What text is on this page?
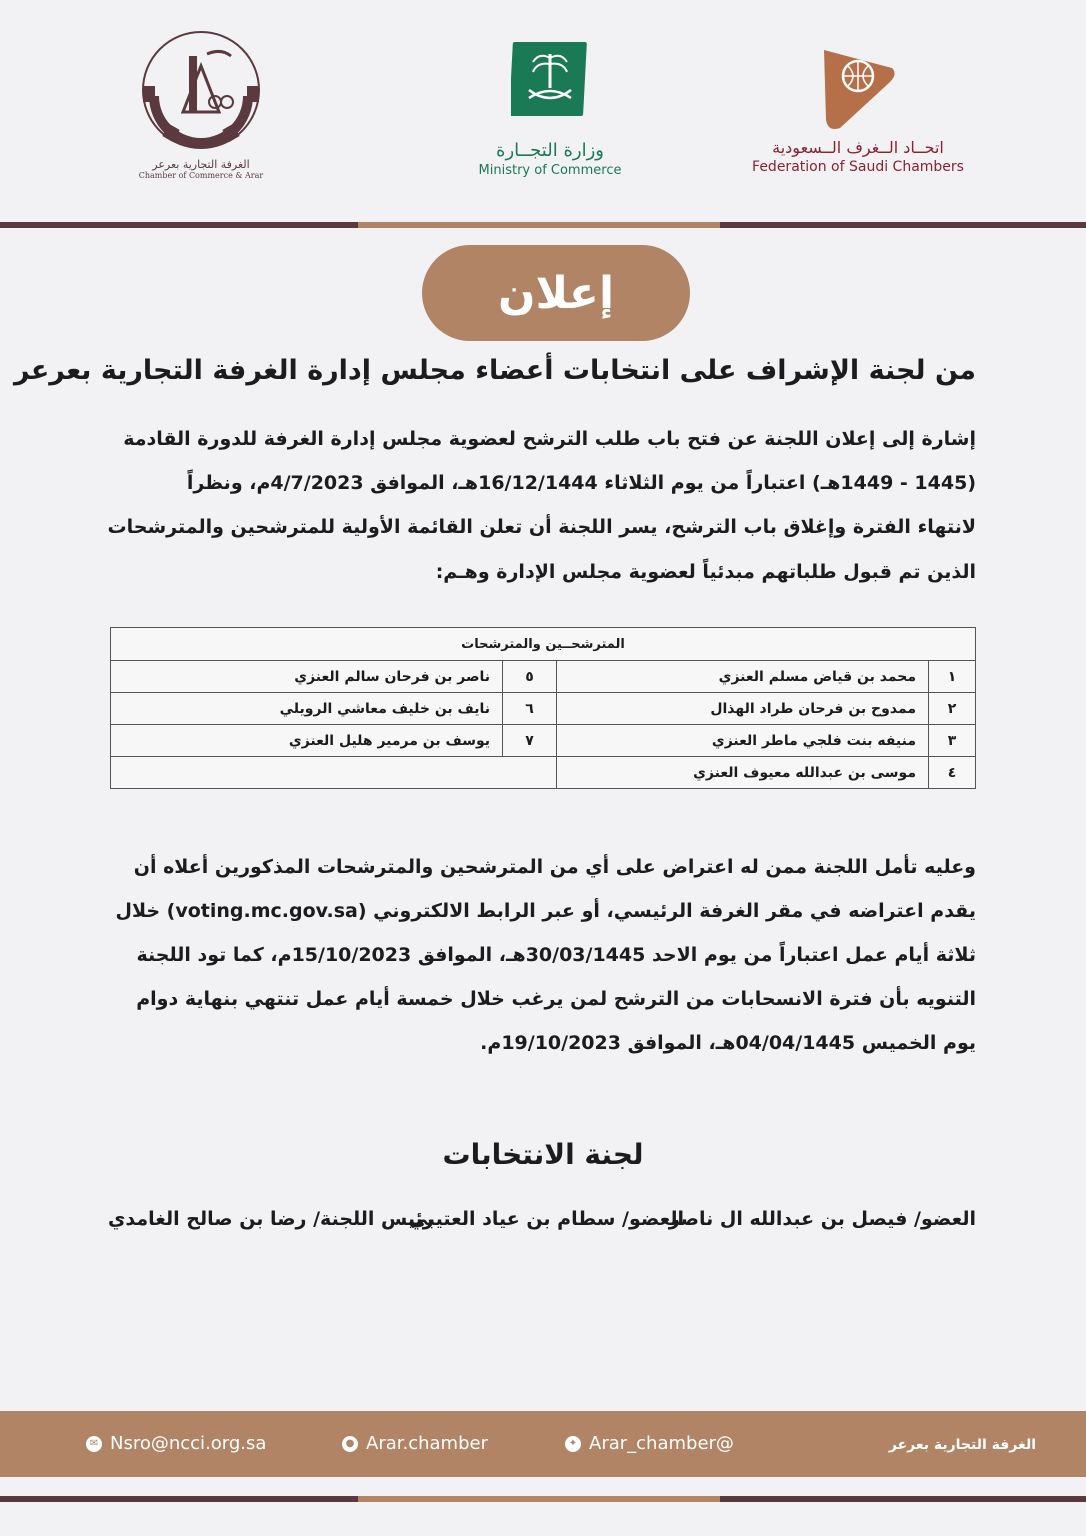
الغرفة التجارية بعرعر
Chamber of Commerce & Arar
وزارة التجــارة
Ministry of Commerce
اتحــاد الــغرف الــسعودية
Federation of Saudi Chambers
إعلان
من لجنة الإشراف على انتخابات أعضاء مجلس إدارة الغرفة التجارية بعرعر
إشارة إلى إعلان اللجنة عن فتح باب طلب الترشح لعضوية مجلس إدارة الغرفة للدورة القادمة
(1445 - 1449هـ) اعتباراً من يوم الثلاثاء 16/12/1444هـ، الموافق 4/7/2023م، ونظراً
لانتهاء الفترة وإغلاق باب الترشح، يسر اللجنة أن تعلن القائمة الأولية للمترشحين والمترشحات
الذين تم قبول طلباتهم مبدئياً لعضوية مجلس الإدارة وهـم:
المترشحــين والمترشحات			
١	محمد بن قياض مسلم العنزي	٥	ناصر بن فرحان سالم العنزي
٢	ممدوح بن فرحان طراد الهذال	٦	نايف بن خليف معاشي الرويلي
٣	منيفه بنت فلجي ماطر العنزي	٧	يوسف بن مرمير هليل العنزي
٤	موسى بن عبدالله معيوف العنزي		
وعليه تأمل اللجنة ممن له اعتراض على أي من المترشحين والمترشحات المذكورين أعلاه أن
يقدم اعتراضه في مقر الغرفة الرئيسي، أو عبر الرابط الالكتروني (voting.mc.gov.sa) خلال
ثلاثة أيام عمل اعتباراً من يوم الاحد 30/03/1445هـ، الموافق 15/10/2023م، كما تود اللجنة
التنويه بأن فترة الانسحابات من الترشح لمن يرغب خلال خمسة أيام عمل تنتهي بنهاية دوام
يوم الخميس 04/04/1445هـ، الموافق 19/10/2023م.
لجنة الانتخابات
العضو/ فيصل بن عبدالله ال ناصر
العضو/ سطام بن عياد العتيبي
رئيس اللجنة/ رضا بن صالح الغامدي
✉ Nsro@ncci.org.sa	● Arar.chamber	✦ Arar_chamber@	الغرفة التجارية بعرعر
